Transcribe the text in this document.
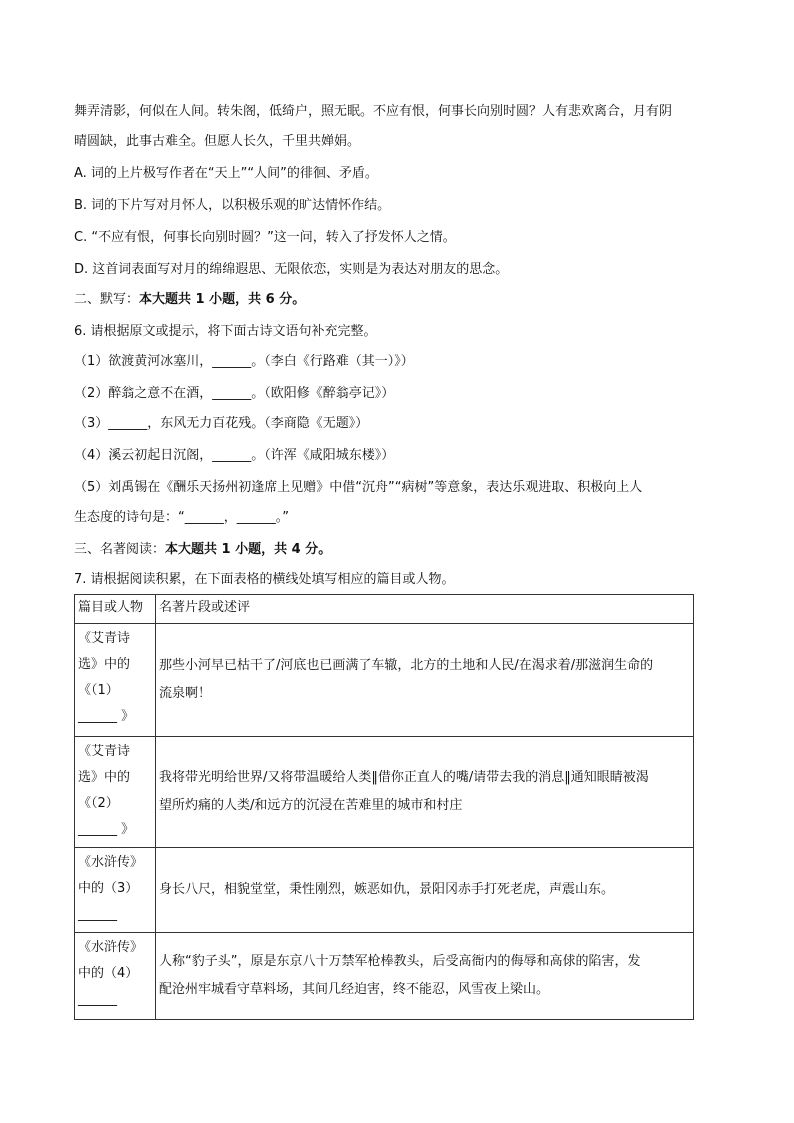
舞弄清影，何似在人间。转朱阁，低绮户，照无眠。不应有恨，何事长向别时圆？人有悲欢离合，月有阴
晴圆缺，此事古难全。但愿人长久，千里共婵娟。
A. 词的上片极写作者在“天上”“人间”的徘徊、矛盾。
B. 词的下片写对月怀人，以积极乐观的旷达情怀作结。
C. “不应有恨，何事长向别时圆？”这一问，转入了抒发怀人之情。
D. 这首词表面写对月的绵绵遐思、无限依恋，实则是为表达对朋友的思念。
二、默写：本大题共 1 小题，共 6 分。
6. 请根据原文或提示，将下面古诗文语句补充完整。
（1）欲渡黄河冰塞川，______。（李白《行路难（其一）》）
（2）醉翁之意不在酒，______。（欧阳修《醉翁亭记》）
（3）______，东风无力百花残。（李商隐《无题》）
（4）溪云初起日沉阁，______。（许浑《咸阳城东楼》）
（5）刘禹锡在《酬乐天扬州初逢席上见赠》中借“沉舟”“病树”等意象，表达乐观进取、积极向上人
生态度的诗句是：“______，______。”
三、名著阅读：本大题共 1 小题，共 4 分。
7. 请根据阅读积累，在下面表格的横线处填写相应的篇目或人物。
篇目或人物	名著片段或述评

《艾青诗
选》中的
《（1）
______ 》	那些小河早已枯干了/河底也已画满了车辙，北方的土地和人民/在渴求着/那滋润生命的
流泉啊！

《艾青诗
选》中的
《（2）
______ 》	我将带光明给世界/又将带温暖给人类‖借你正直人的嘴/请带去我的消息‖通知眼睛被渴
望所灼痛的人类/和远方的沉浸在苦难里的城市和村庄

《水浒传》
中的（3）
______	身长八尺，相貌堂堂，秉性刚烈，嫉恶如仇，景阳冈赤手打死老虎，声震山东。

《水浒传》
中的（4）
______	人称“豹子头”，原是东京八十万禁军枪棒教头，后受高衙内的侮辱和高俅的陷害，发
配沧州牢城看守草料场，其间几经迫害，终不能忍，风雪夜上梁山。
